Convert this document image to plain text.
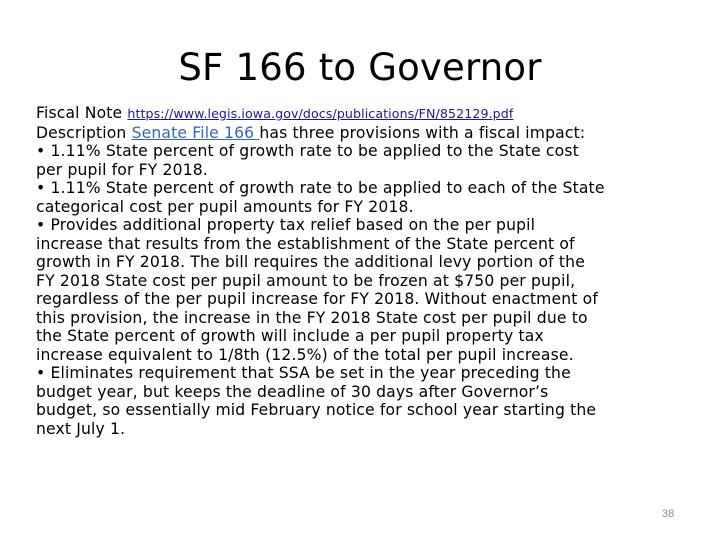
SF 166 to Governor
Fiscal Note https://www.legis.iowa.gov/docs/publications/FN/852129.pdf
Description Senate File 166 has three provisions with a fiscal impact:
• 1.11% State percent of growth rate to be applied to the State cost
per pupil for FY 2018.
• 1.11% State percent of growth rate to be applied to each of the State
categorical cost per pupil amounts for FY 2018.
• Provides additional property tax relief based on the per pupil
increase that results from the establishment of the State percent of
growth in FY 2018. The bill requires the additional levy portion of the
FY 2018 State cost per pupil amount to be frozen at $750 per pupil,
regardless of the per pupil increase for FY 2018. Without enactment of
this provision, the increase in the FY 2018 State cost per pupil due to
the State percent of growth will include a per pupil property tax
increase equivalent to 1/8th (12.5%) of the total per pupil increase.
• Eliminates requirement that SSA be set in the year preceding the
budget year, but keeps the deadline of 30 days after Governor’s
budget, so essentially mid February notice for school year starting the
next July 1.
38
